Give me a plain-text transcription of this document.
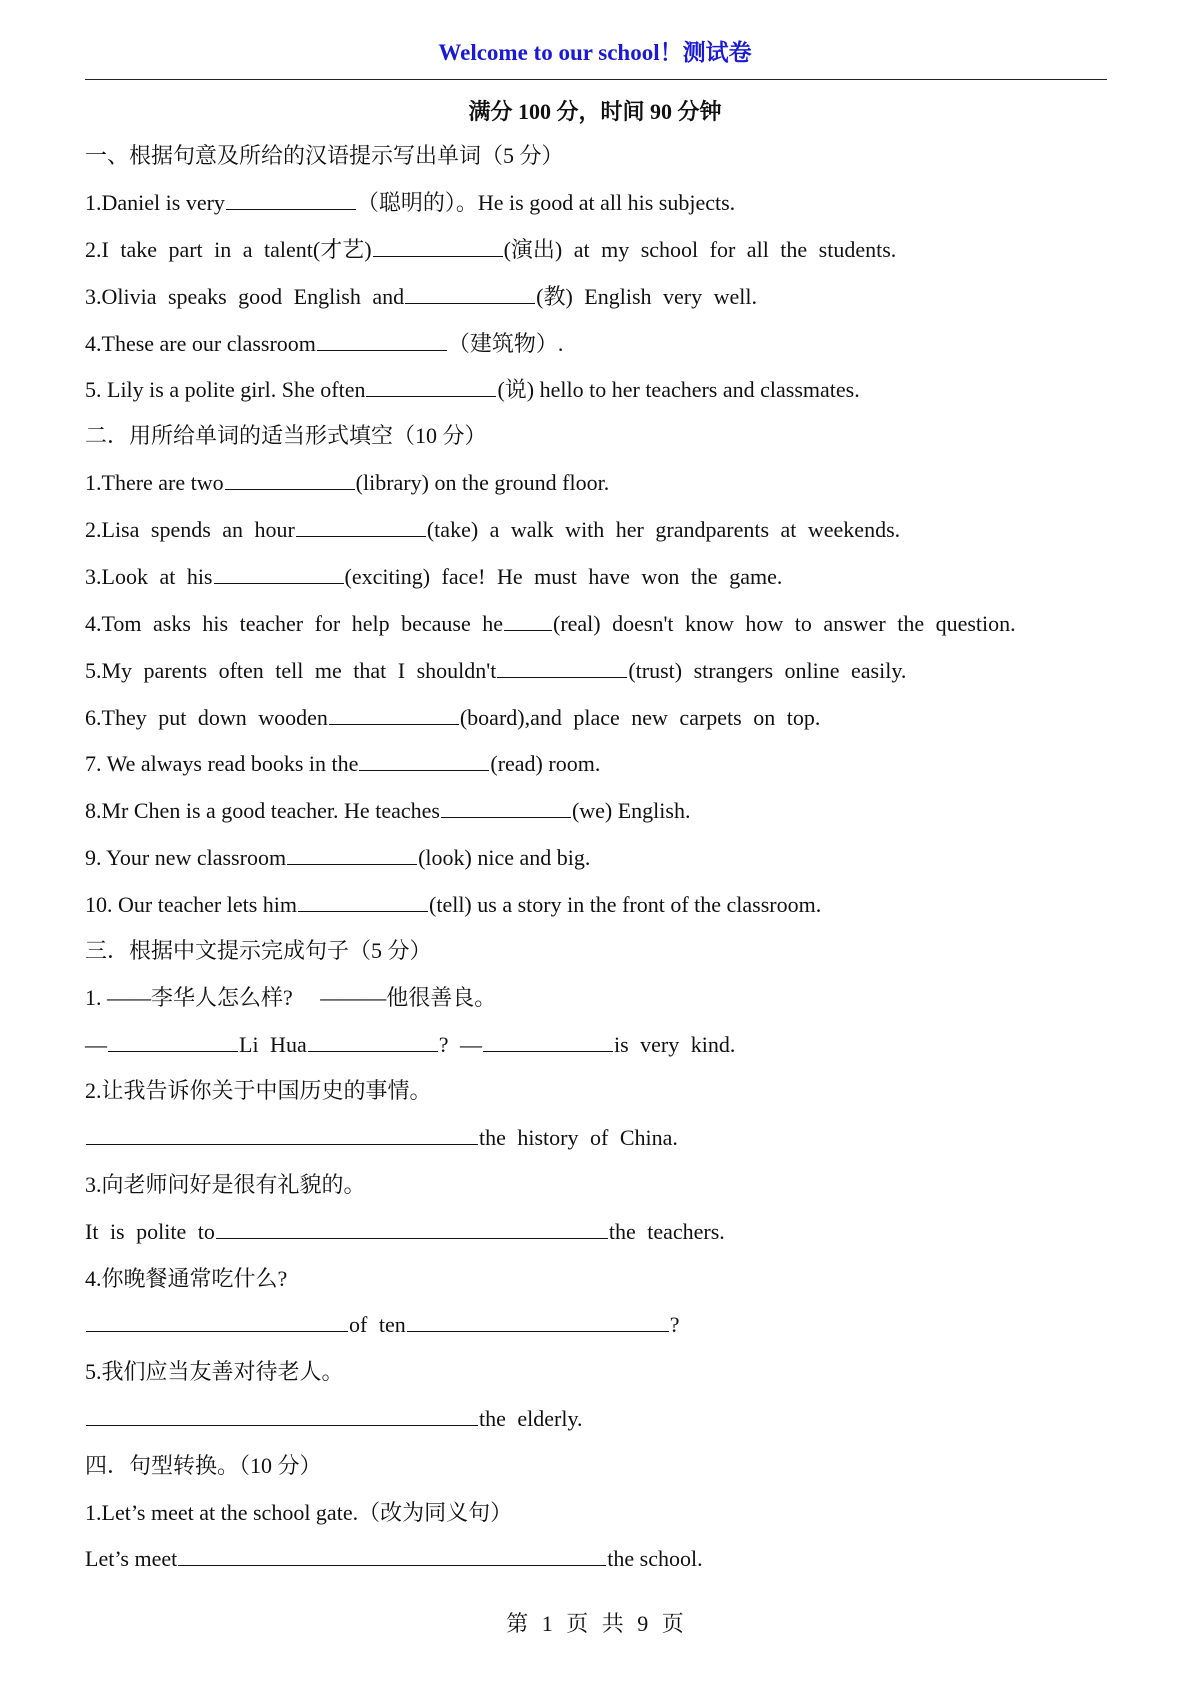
Welcome to our school！测试卷
满分 100 分，时间 90 分钟
一、根据句意及所给的汉语提示写出单词（5 分）
1.Daniel is very	（聪明的）。He is good at all his subjects.
2.I take part in a talent(才艺)	(演出) at my school for all the students.
3.Olivia speaks good English and	(教) English very well.
4.These are our classroom	（建筑物）.
5. Lily is a polite girl. She often	(说) hello to her teachers and classmates.
二．用所给单词的适当形式填空（10 分）
1.There are two	(library) on the ground floor.
2.Lisa spends an hour	(take) a walk with her grandparents at weekends.
3.Look at his	(exciting) face! He must have won the game.
4.Tom asks his teacher for help because he (real) doesn't know how to answer the question.
5.My parents often tell me that I shouldn't	(trust) strangers online easily.
6.They put down wooden	(board),and place new carpets on top.
7. We always read books in the	(read) room.
8.Mr Chen is a good teacher. He teaches	(we) English.
9. Your new classroom	(look) nice and big.
10. Our teacher lets him	(tell) us a story in the front of the classroom.
三．根据中文提示完成句子（5 分）
1. ——李华人怎么样?　 ———他很善良。
—	Li Hua	? —	is very kind.
2.让我告诉你关于中国历史的事情。
the history of China.
3.向老师问好是很有礼貌的。
It is polite to	the teachers.
4.你晚餐通常吃什么?
of ten	?
5.我们应当友善对待老人。
the elderly.
四．句型转换。（10 分）
1.Let’s meet at the school gate.（改为同义句）
Let’s meet	the school.
第 1 页 共 9 页
